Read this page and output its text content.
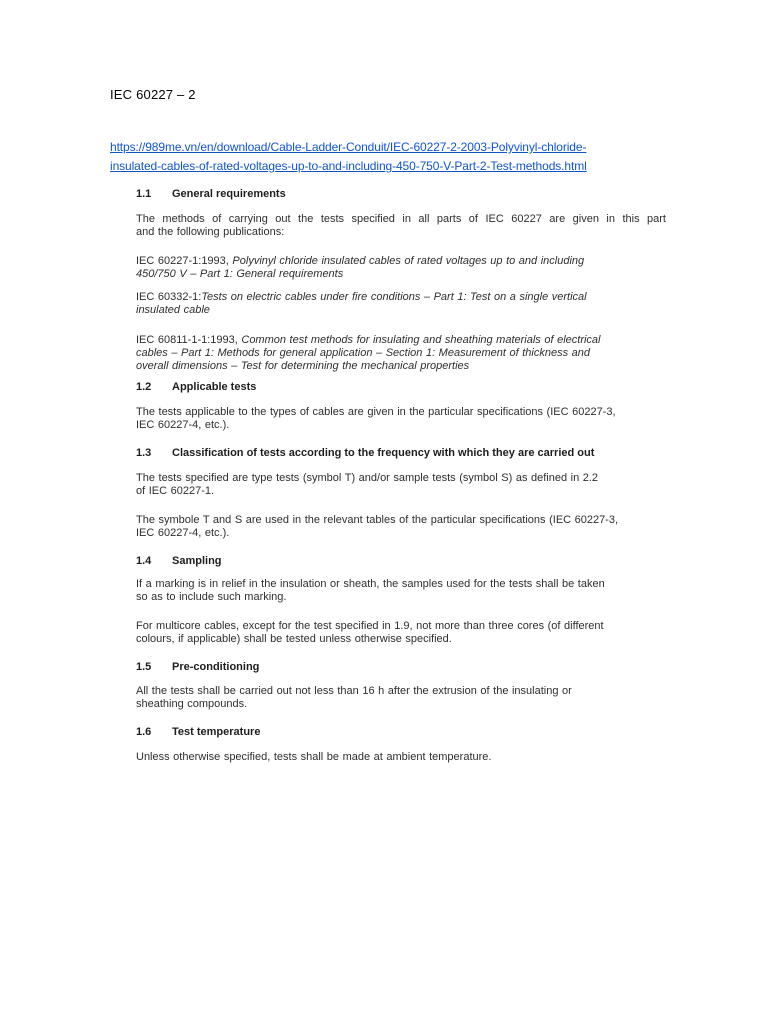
IEC 60227 – 2
https://989me.vn/en/download/Cable-Ladder-Conduit/IEC-60227-2-2003-Polyvinyl-chloride-
insulated-cables-of-rated-voltages-up-to-and-including-450-750-V-Part-2-Test-methods.html
1.1 General requirements
The methods of carrying out the tests specified in all parts of IEC 60227 are given in this part
and the following publications:
IEC 60227-1:1993, Polyvinyl chloride insulated cables of rated voltages up to and including
450/750 V – Part 1: General requirements
IEC 60332-1:Tests on electric cables under fire conditions – Part 1: Test on a single vertical
insulated cable
IEC 60811-1-1:1993, Common test methods for insulating and sheathing materials of electrical
cables – Part 1: Methods for general application – Section 1: Measurement of thickness and
overall dimensions – Test for determining the mechanical properties
1.2 Applicable tests
The tests applicable to the types of cables are given in the particular specifications (IEC 60227-3,
IEC 60227-4, etc.).
1.3 Classification of tests according to the frequency with which they are carried out
The tests specified are type tests (symbol T) and/or sample tests (symbol S) as defined in 2.2
of IEC 60227-1.
The symbole T and S are used in the relevant tables of the particular specifications (IEC 60227-3,
IEC 60227-4, etc.).
1.4 Sampling
If a marking is in relief in the insulation or sheath, the samples used for the tests shall be taken
so as to include such marking.
For multicore cables, except for the test specified in 1.9, not more than three cores (of different
colours, if applicable) shall be tested unless otherwise specified.
1.5 Pre-conditioning
All the tests shall be carried out not less than 16 h after the extrusion of the insulating or
sheathing compounds.
1.6 Test temperature
Unless otherwise specified, tests shall be made at ambient temperature.
